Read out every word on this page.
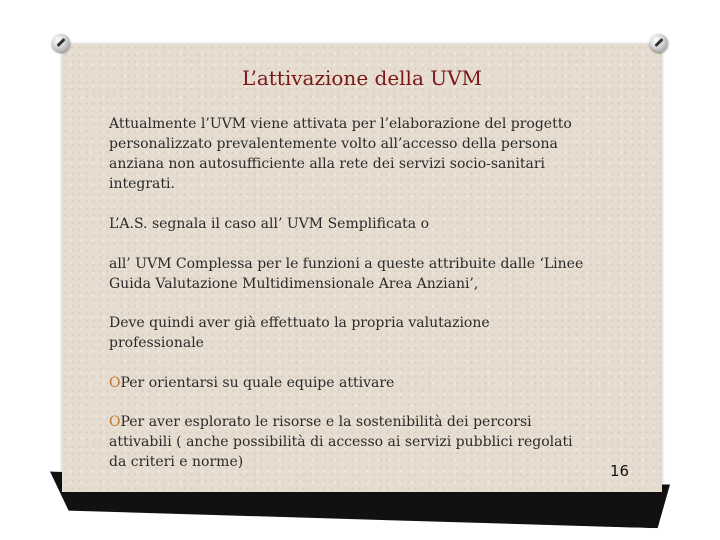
L’attivazione della UVM
Attualmente l’UVM viene attivata per l’elaborazione del progetto personalizzato prevalentemente volto all’accesso della persona anziana non autosufficiente alla rete dei servizi socio-sanitari integrati.
L’A.S. segnala il caso all’ UVM Semplificata o
all’ UVM Complessa per le funzioni a queste attribuite dalle ‘Linee Guida Valutazione Multidimensionale Area Anziani’,
Deve quindi aver già effettuato la propria valutazione professionale
OPer orientarsi su quale equipe attivare
OPer aver esplorato le risorse e la sostenibilità dei percorsi attivabili ( anche possibilità di accesso ai servizi pubblici regolati da criteri e norme)	16
